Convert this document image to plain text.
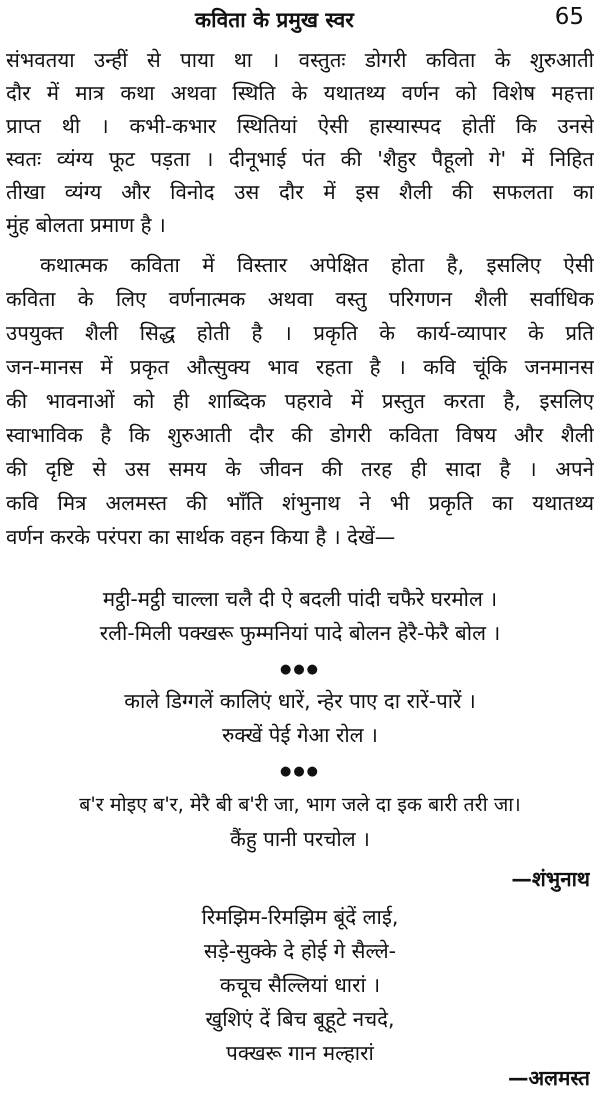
कविता के प्रमुख स्वर	65
संभवतया उन्हीं से पाया था । वस्तुतः डोगरी कविता के शुरुआती
दौर में मात्र कथा अथवा स्थिति के यथातथ्य वर्णन को विशेष महत्ता
प्राप्त थी । कभी-कभार स्थितियां ऐसी हास्यास्पद होतीं कि उनसे
स्वतः व्यंग्य फूट पड़ता । दीनूभाई पंत की 'शैहुर पैहूलो गे' में निहित
तीखा व्यंग्य और विनोद उस दौर में इस शैली की सफलता का
मुंह बोलता प्रमाण है ।
कथात्मक कविता में विस्तार अपेक्षित होता है, इसलिए ऐसी
कविता के लिए वर्णनात्मक अथवा वस्तु परिगणन शैली सर्वाधिक
उपयुक्त शैली सिद्ध होती है । प्रकृति के कार्य-व्यापार के प्रति
जन-मानस में प्रकृत औत्सुक्य भाव रहता है । कवि चूंकि जनमानस
की भावनाओं को ही शाब्दिक पहरावे में प्रस्तुत करता है, इसलिए
स्वाभाविक है कि शुरुआती दौर की डोगरी कविता विषय और शैली
की दृष्टि से उस समय के जीवन की तरह ही सादा है । अपने
कवि मित्र अलमस्त की भाँति शंभुनाथ ने भी प्रकृति का यथातथ्य
वर्णन करके परंपरा का सार्थक वहन किया है । देखें—
मट्ठी-मट्ठी चाल्ला चलै दी ऐ बदली पांदी चफैरे घरमोल ।
रली-मिली पक्खरू फुम्मनियां पादे बोलन हेरै-फेरै बोल ।
●●●
काले डिग्गलें कालिएं धारें, न्हेर पाए दा रारें-पारें ।
रुक्खें पेई गेआ रोल ।
●●●
ब'र मोइए ब'र, मेरै बी ब'री जा, भाग जले दा इक बारी तरी जा।
कैंहु पानी परचोल ।
—शंभुनाथ
रिमझिम-रिमझिम बूंदें लाई,
सड़े-सुक्के दे होई गे सैल्ले-
कचूच सैल्लियां धारां ।
खुशिएं दें बिच बूहूटे नचदे,
पक्खरू गान मल्हारां
—अलमस्त
